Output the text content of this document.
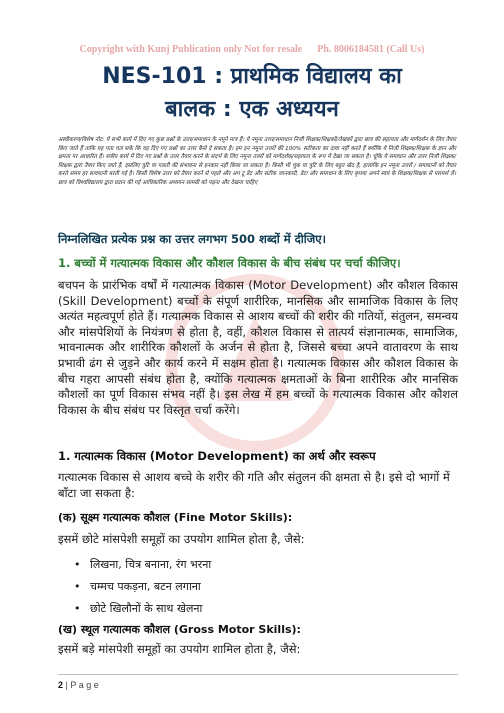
Copyright with Kunj Publication only Not for resale      Ph. 8006184581 (Call Us)
NES-101 : प्राथमिक विद्यालय का
बालक : एक अध्ययन
अस्वीकरण/विशेष नोट: ये सभी कार्य में दिए गए कुछ प्रश्नों के उत्तर/समाधान के नमूने मात्र हैं। ये नमूना उत्तर/समाधान निजी शिक्षक/शिक्षकों/लेखकों द्वारा छात्र की सहायता और मार्गदर्शन के लिए तैयार किए जाते हैं ताकि यह पता चल सके कि वह दिए गए प्रश्नों का उत्तर कैसे दे सकता है। हम इन नमूना उत्तरों की 100% सटीकता का दावा नहीं करते हैं क्योंकि ये निजी शिक्षक/शिक्षक के ज्ञान और क्षमता पर आधारित हैं। सत्रीय कार्य में दिए गए प्रश्नों के उत्तर तैयार करने के संदर्भ के लिए नमूना उत्तरों को मार्गदर्शक/सहायता के रूप में देखा जा सकता है। चूंकि ये समाधान और उत्तर निजी शिक्षक/शिक्षक द्वारा तैयार किए जाते हैं, इसलिए त्रुटि या गलती की संभावना से इनकार नहीं किया जा सकता है। किसी भी चूक या त्रुटि के लिए बहुत खेद है, हालांकि इन नमूना उत्तरों / समाधानों को तैयार करते समय हर सावधानी बरती गई है। किसी विशेष उत्तर को तैयार करने से पहले और अप टू डेट और सटीक जानकारी, डेटा और समाधान के लिए कृपया अपने स्वयं के शिक्षक/शिक्षक से परामर्श लें। छात्र को विश्वविद्यालय द्वारा प्रदान की गई आधिकारिक अध्ययन सामग्री को पढ़ना और देखना चाहिए
निम्नलिखित प्रत्येक प्रश्न का उत्तर लगभग 500 शब्दों में दीजिए।
1. बच्चों में गत्यात्मक विकास और कौशल विकास के बीच संबंध पर चर्चा कीजिए।
बचपन के प्रारंभिक वर्षों में गत्यात्मक विकास (Motor Development) और कौशल विकास (Skill Development) बच्चों के संपूर्ण शारीरिक, मानसिक और सामाजिक विकास के लिए अत्यंत महत्वपूर्ण होते हैं। गत्यात्मक विकास से आशय बच्चों की शरीर की गतियों, संतुलन, समन्वय और मांसपेशियों के नियंत्रण से होता है, वहीं, कौशल विकास से तात्पर्य संज्ञानात्मक, सामाजिक, भावनात्मक और शारीरिक कौशलों के अर्जन से होता है, जिससे बच्चा अपने वातावरण के साथ प्रभावी ढंग से जुड़ने और कार्य करने में सक्षम होता है। गत्यात्मक विकास और कौशल विकास के बीच गहरा आपसी संबंध होता है, क्योंकि गत्यात्मक क्षमताओं के बिना शारीरिक और मानसिक कौशलों का पूर्ण विकास संभव नहीं है। इस लेख में हम बच्चों के गत्यात्मक विकास और कौशल विकास के बीच संबंध पर विस्तृत चर्चा करेंगे।
1. गत्यात्मक विकास (Motor Development) का अर्थ और स्वरूप
गत्यात्मक विकास से आशय बच्चे के शरीर की गति और संतुलन की क्षमता से है। इसे दो भागों में बाँटा जा सकता है:
(क) सूक्ष्म गत्यात्मक कौशल (Fine Motor Skills):
इसमें छोटे मांसपेशी समूहों का उपयोग शामिल होता है, जैसे:
• लिखना, चित्र बनाना, रंग भरना
• चम्मच पकड़ना, बटन लगाना
• छोटे खिलौनों के साथ खेलना
(ख) स्थूल गत्यात्मक कौशल (Gross Motor Skills):
इसमें बड़े मांसपेशी समूहों का उपयोग शामिल होता है, जैसे:
2 | P a g e
